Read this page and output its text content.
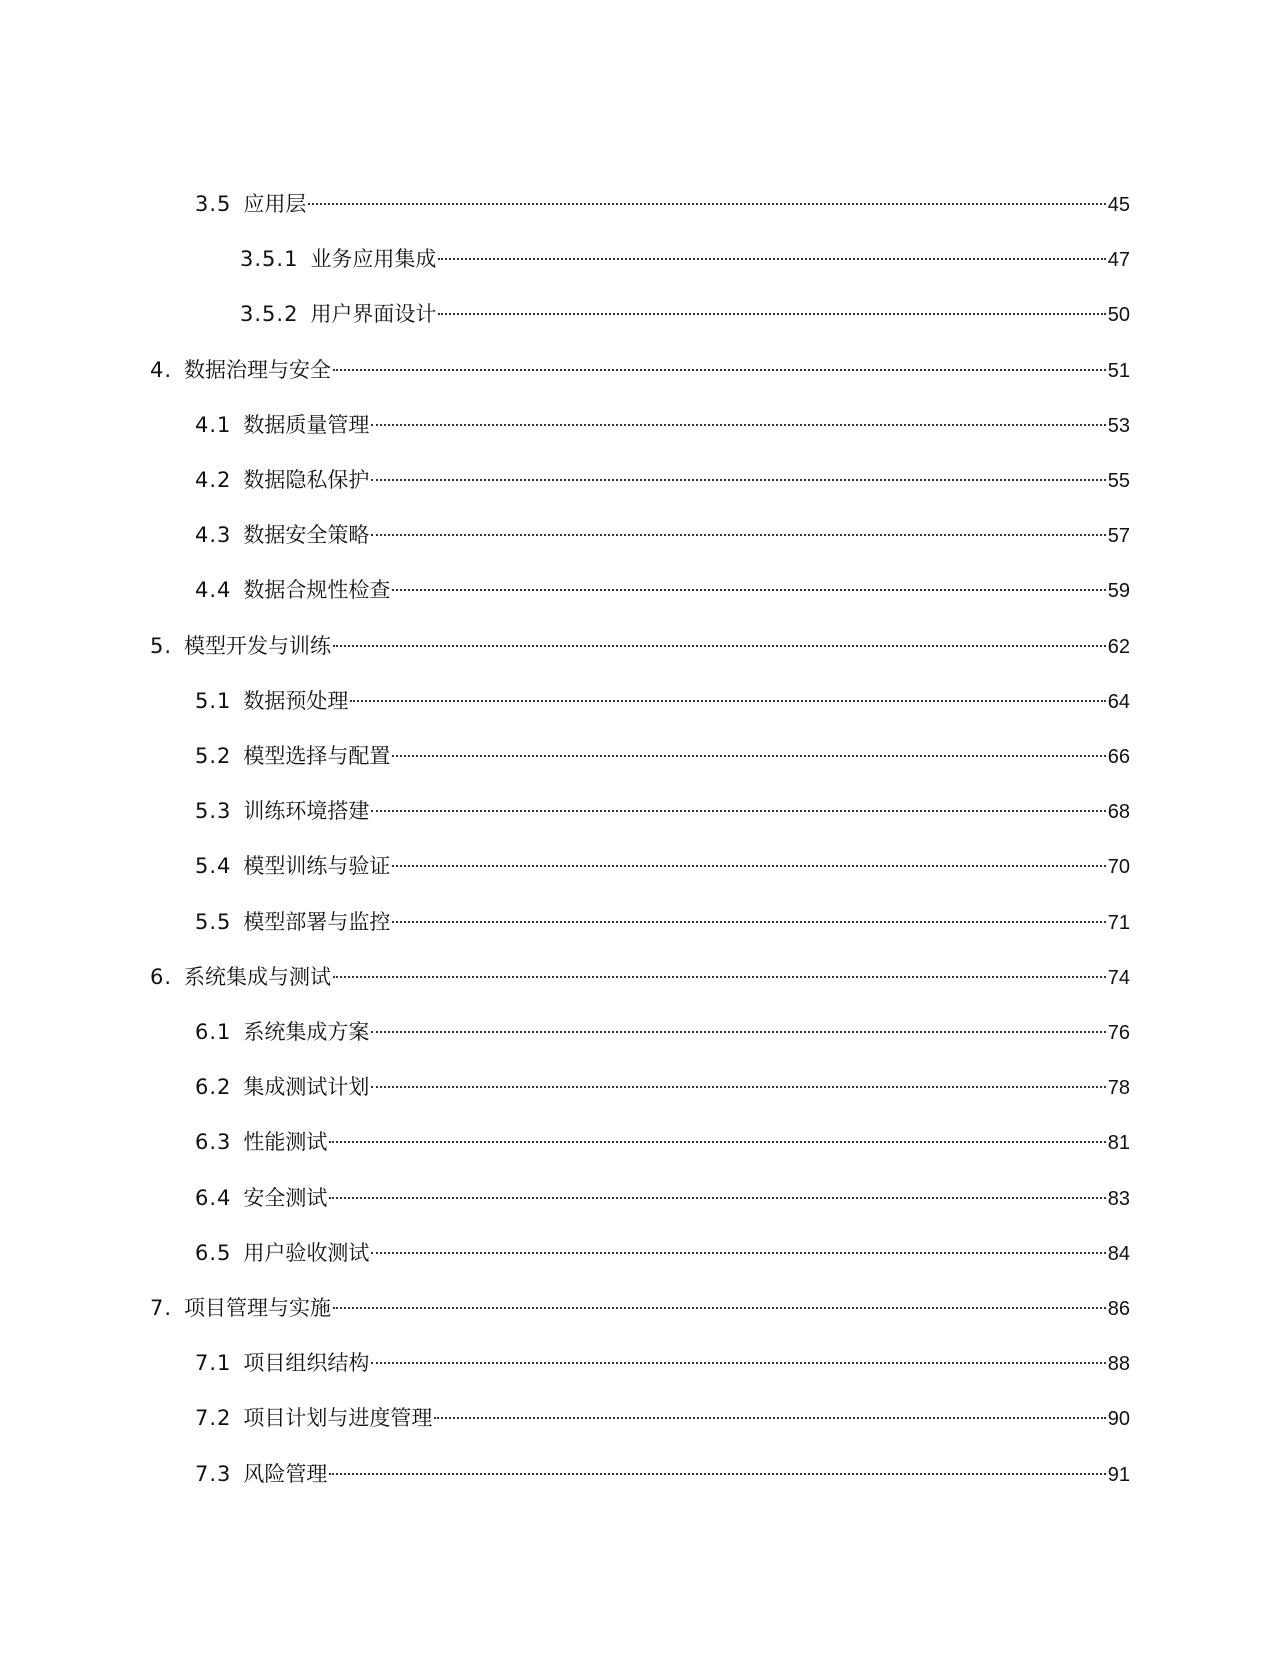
3.5 应用层	45
3.5.1 业务应用集成	47
3.5.2 用户界面设计	50
4. 数据治理与安全	51
4.1 数据质量管理	53
4.2 数据隐私保护	55
4.3 数据安全策略	57
4.4 数据合规性检查	59
5. 模型开发与训练	62
5.1 数据预处理	64
5.2 模型选择与配置	66
5.3 训练环境搭建	68
5.4 模型训练与验证	70
5.5 模型部署与监控	71
6. 系统集成与测试	74
6.1 系统集成方案	76
6.2 集成测试计划	78
6.3 性能测试	81
6.4 安全测试	83
6.5 用户验收测试	84
7. 项目管理与实施	86
7.1 项目组织结构	88
7.2 项目计划与进度管理	90
7.3 风险管理	91
